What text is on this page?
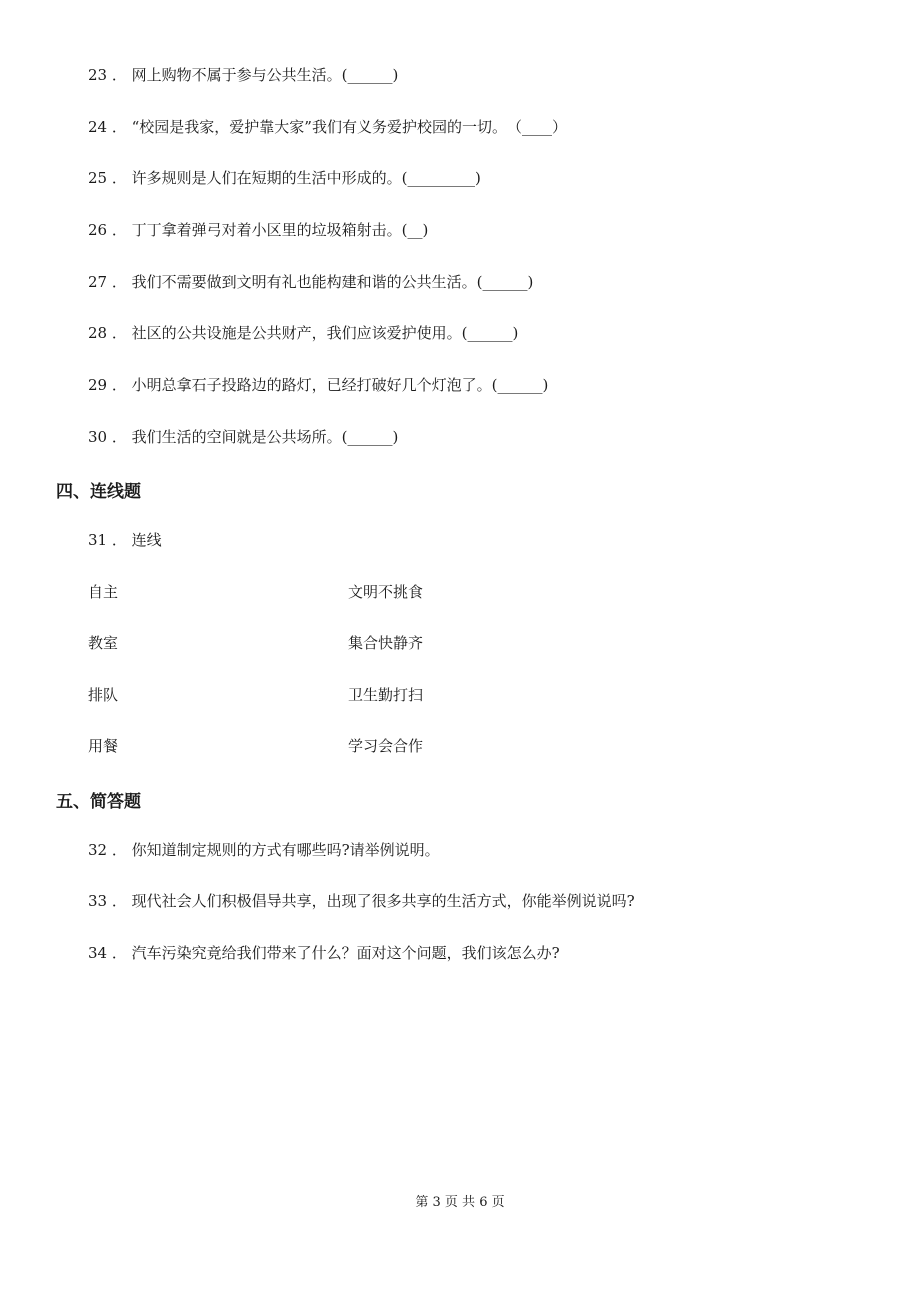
23 ． 网上购物不属于参与公共生活。(______)
24 ． “校园是我家，爱护靠大家”我们有义务爱护校园的一切。　（____）
25 ． 许多规则是人们在短期的生活中形成的。(_________)
26 ． 丁丁拿着弹弓对着小区里的垃圾箱射击。(__)
27 ． 我们不需要做到文明有礼也能构建和谐的公共生活。(______)
28 ． 社区的公共设施是公共财产，我们应该爱护使用。(______)
29 ． 小明总拿石子投路边的路灯，已经打破好几个灯泡了。(______)
30 ． 我们生活的空间就是公共场所。(______)
四、连线题
31 ． 连线
自主	文明不挑食
教室	集合快静齐
排队	卫生勤打扫
用餐	学习会合作
五、简答题
32 ． 你知道制定规则的方式有哪些吗?请举例说明。
33 ． 现代社会人们积极倡导共享，出现了很多共享的生活方式，你能举例说说吗?
34 ． 汽车污染究竟给我们带来了什么？面对这个问题，我们该怎么办?
第 3 页 共 6 页
